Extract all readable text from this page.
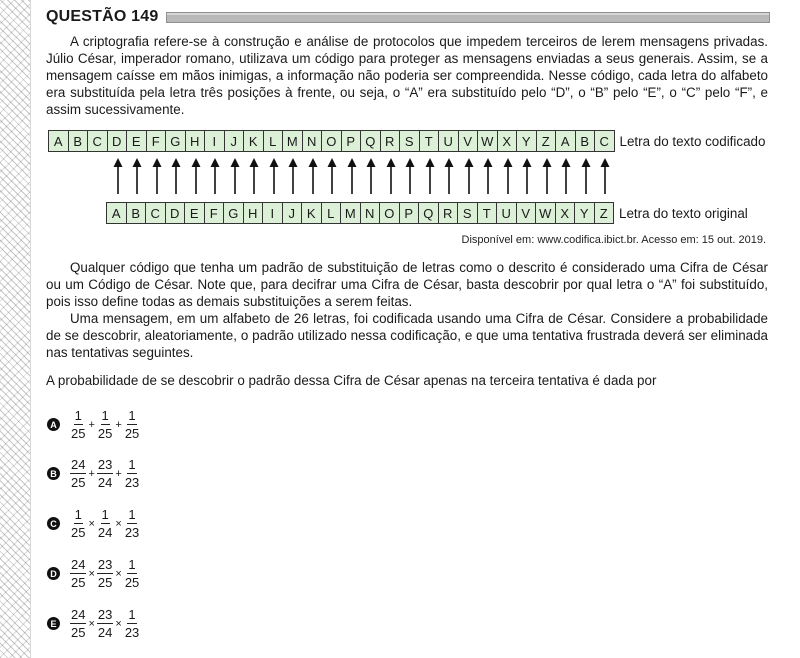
QUESTÃO 149

A criptografia refere-se à construção e análise de protocolos que impedem terceiros de lerem mensagens privadas. Júlio César, imperador romano, utilizava um código para proteger as mensagens enviadas a seus generais. Assim, se a mensagem caísse em mãos inimigas, a informação não poderia ser compreendida. Nesse código, cada letra do alfabeto era substituída pela letra três posições à frente, ou seja, o “A” era substituído pelo “D”, o “B” pelo “E”, o “C” pelo “F”, e assim sucessivamente.

A B C D E F G H	I	J K L M N O P Q R S T U V W X Y Z A B C Letra do texto codificado
A B C D E F G H	I	J K L M N O P Q R S T U V W X Y Z Letra do texto original
Disponível em: www.codifica.ibict.br. Acesso em: 15 out. 2019.

Qualquer código que tenha um padrão de substituição de letras como o descrito é considerado uma Cifra de César ou um Código de César. Note que, para decifrar uma Cifra de César, basta descobrir por qual letra o “A” foi substituído, pois isso define todas as demais substituições a serem feitas.

Uma mensagem, em um alfabeto de 26 letras, foi codificada usando uma Cifra de César. Considere a probabilidade de se descobrir, aleatoriamente, o padrão utilizado nessa codificação, e que uma tentativa frustrada deverá ser eliminada nas tentativas seguintes.

A probabilidade de se descobrir o padrão dessa Cifra de César apenas na terceira tentativa é dada por

A $\frac{1}{25} + \frac{1}{25} + \frac{1}{25}$
B $\frac{24}{25} + \frac{23}{24} + \frac{1}{23}$
C $\frac{1}{25} \times \frac{1}{24} \times \frac{1}{23}$
D $\frac{24}{25} \times \frac{23}{25} \times \frac{1}{25}$
E $\frac{24}{25} \times \frac{23}{24} \times \frac{1}{23}$
